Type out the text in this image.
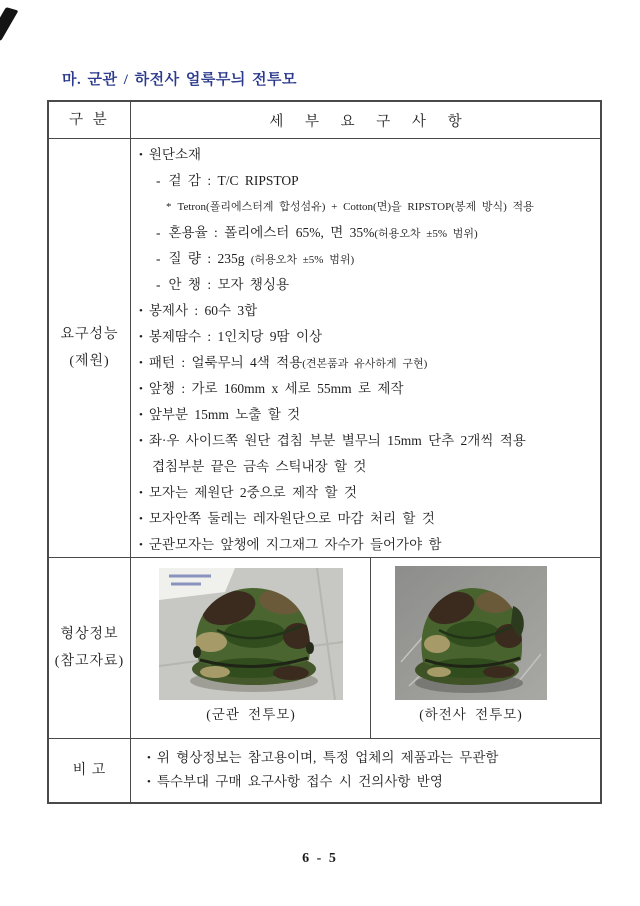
마. 군관 / 하전사 얼룩무늬 전투모
구 분	세 부 요 구 사 항
요구성능
(제원)
• 원단소재
- 겉 감 : T/C RIPSTOP
* Tetron(폴리에스터계 합성섬유) + Cotton(면)을 RIPSTOP(봉제 방식) 적용
- 혼용율 : 폴리에스터 65%, 면 35%(허용오차 ±5% 범위)
- 질 량 : 235g (허용오차 ±5% 범위)
- 안 챙 : 모자 챙싱용
• 봉제사 : 60수 3합
• 봉제땀수 : 1인치당 9땀 이상
• 패턴 : 얼룩무늬 4색 적용(견본품과 유사하게 구현)
• 앞챙 : 가로 160mm x 세로 55mm 로 제작
• 앞부분 15mm 노출 할 것
• 좌·우 사이드쪽 원단 겹침 부분 별무늬 15mm 단추 2개씩 적용
겹침부분 끝은 금속 스틱내장 할 것
• 모자는 제원단 2중으로 제작 할 것
• 모자안쪽 둘레는 레자원단으로 마감 처리 할 것
• 군관모자는 앞챙에 지그재그 자수가 들어가야 함
형상정보
(참고자료)
(군관 전투모)	(하전사 전투모)
비 고
• 위 형상정보는 참고용이며, 특정 업체의 제품과는 무관함
• 특수부대 구매 요구사항 접수 시 건의사항 반영
6 - 5
